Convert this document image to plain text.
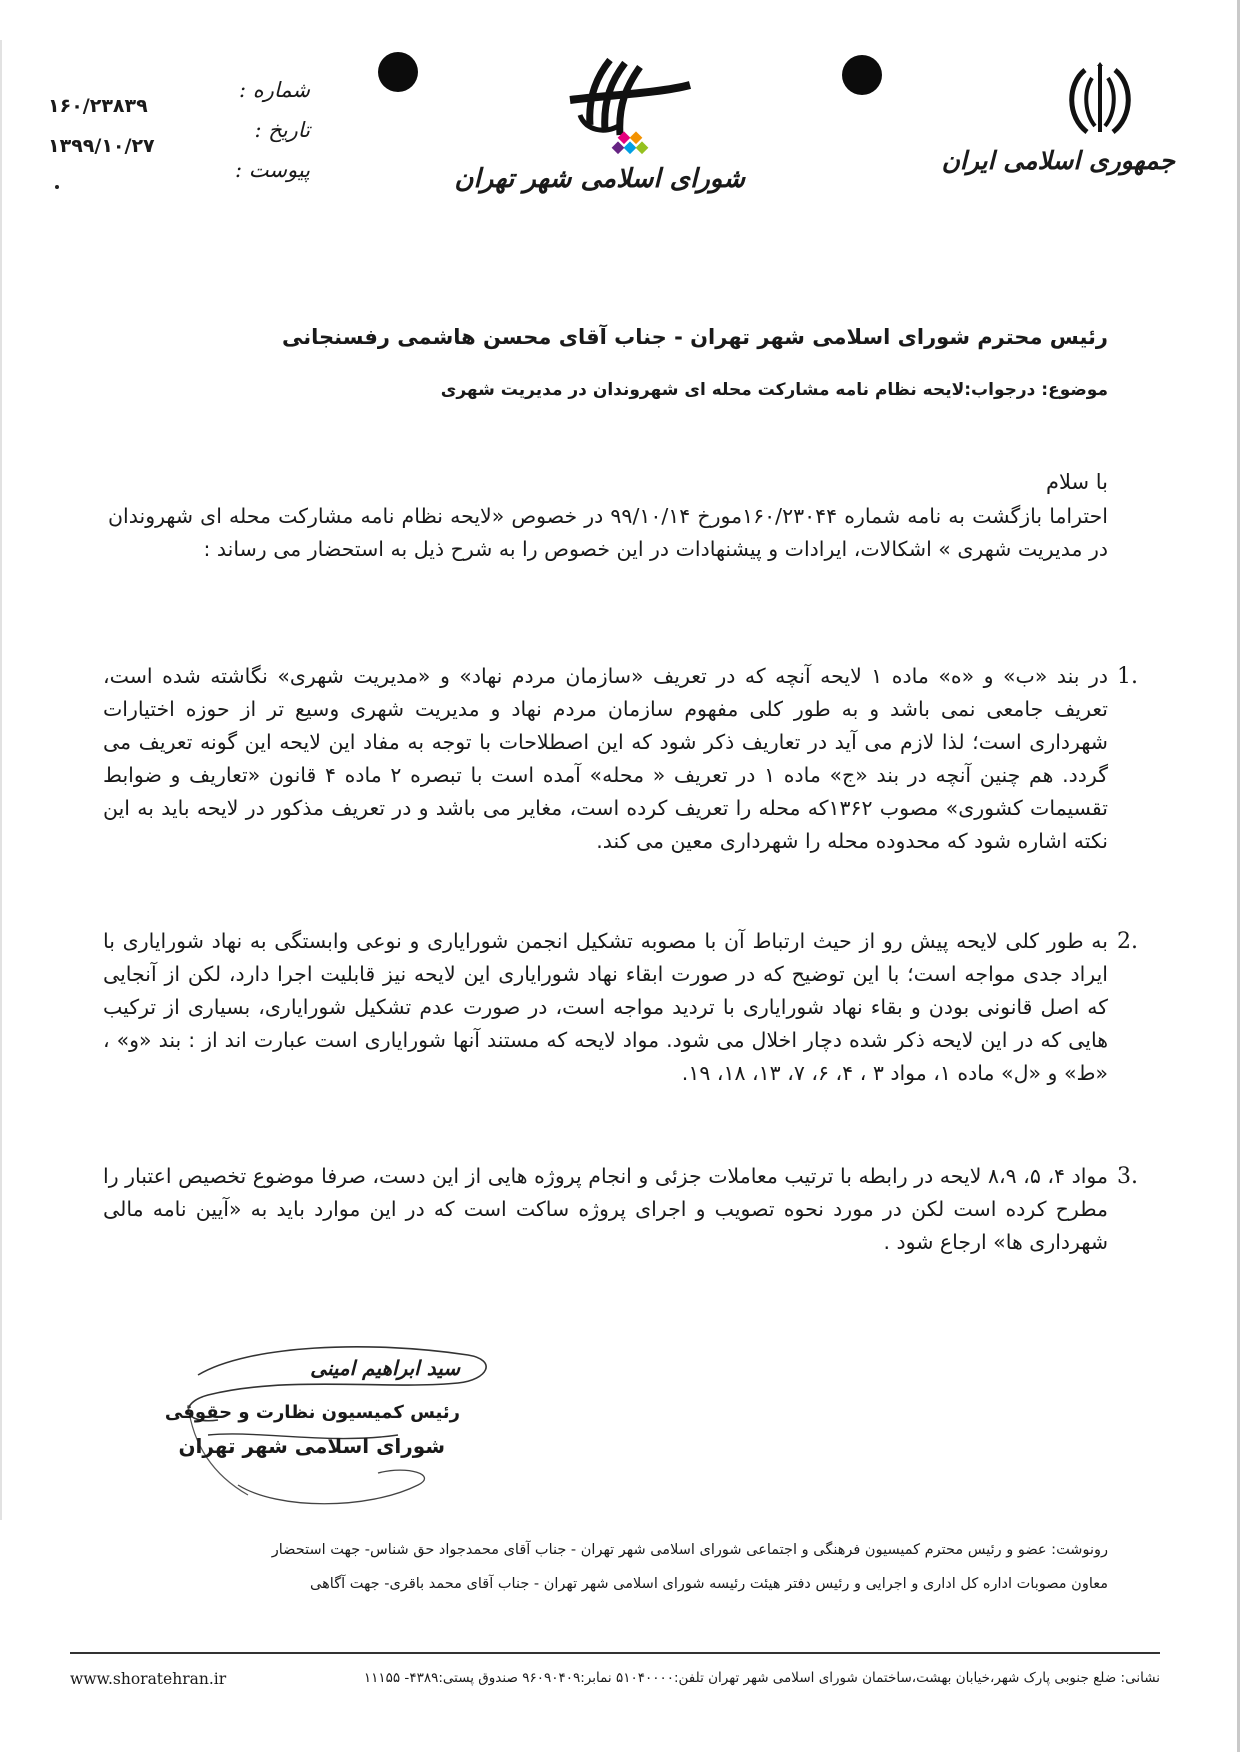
جمهوری اسلامی ایران
شورای اسلامی شهر تهران
شماره :
تاریخ :
پیوست :
۱۶۰/۲۳۸۳۹
۱۳۹۹/۱۰/۲۷
رئیس محترم شورای اسلامی شهر تهران - جناب آقای محسن هاشمی رفسنجانی
موضوع: درجواب:لایحه نظام نامه مشارکت محله ای شهروندان در مدیریت شهری
با سلام
احتراما بازگشت به نامه شماره ۱۶۰/۲۳۰۴۴مورخ ۹۹/۱۰/۱۴ در خصوص «لایحه نظام نامه مشارکت محله ای شهروندان در مدیریت شهری » اشکالات، ایرادات و پیشنهادات در این خصوص را به شرح ذیل به استحضار می رساند :
1.

در بند «ب» و «ه» ماده ۱ لایحه آنچه که در تعریف «سازمان مردم نهاد» و «مدیریت شهری» نگاشته شده است، تعریف جامعی نمی باشد و به طور کلی مفهوم سازمان مردم نهاد و مدیریت شهری وسیع تر از حوزه اختیارات شهرداری است؛ لذا لازم می آید در تعاریف ذکر شود که این اصطلاحات با توجه به مفاد این لایحه این گونه تعریف می گردد. هم چنین آنچه در بند «ج» ماده ۱ در تعریف « محله» آمده است با تبصره ۲ ماده ۴ قانون «تعاریف و ضوابط تقسیمات کشوری» مصوب ۱۳۶۲که محله را تعریف کرده است، مغایر می باشد و در تعریف مذکور در لایحه باید به این نکته اشاره شود که محدوده محله را شهرداری معین می کند.

2.

به طور کلی لایحه پیش رو از حیث ارتباط آن با مصوبه تشکیل انجمن شورایاری و نوعی وابستگی به نهاد شورایاری با ایراد جدی مواجه است؛ با این توضیح که در صورت ابقاء نهاد شورایاری این لایحه نیز قابلیت اجرا دارد، لکن از آنجایی که اصل قانونی بودن و بقاء نهاد شورایاری با تردید مواجه است، در صورت عدم تشکیل شورایاری، بسیاری از ترکیب هایی که در این لایحه ذکر شده دچار اخلال می شود. مواد لایحه که مستند آنها شورایاری است عبارت اند از : بند «و» ، «ط» و «ل» ماده ۱، مواد ۳ ، ۴، ۶، ۷، ۱۳، ۱۸، ۱۹.

3.

مواد ۴، ۵، ۸،۹ لایحه در رابطه با ترتیب معاملات جزئی و انجام پروژه هایی از این دست، صرفا موضوع تخصیص اعتبار را مطرح کرده است لکن در مورد نحوه تصویب و اجرای پروژه ساکت است که در این موارد باید به «آیین نامه مالی شهرداری ها» ارجاع شود .

سید ابراهیم امینی
رئیس کمیسیون نظارت و حقوقی
شورای اسلامی شهر تهران
رونوشت: عضو و رئیس محترم کمیسیون فرهنگی و اجتماعی شورای اسلامی شهر تهران - جناب آقای محمدجواد حق شناس- جهت استحضار
معاون مصوبات اداره کل اداری و اجرایی و رئیس دفتر هیئت رئیسه شورای اسلامی شهر تهران - جناب آقای محمد باقری- جهت آگاهی
نشانی: ضلع جنوبی پارک شهر،خیابان بهشت،ساختمان شورای اسلامی شهر تهران تلفن:۵۱۰۴۰۰۰۰ نمابر:۹۶۰۹۰۴۰۹ صندوق پستی:۴۳۸۹- ۱۱۱۵۵
www.shoratehran.ir
